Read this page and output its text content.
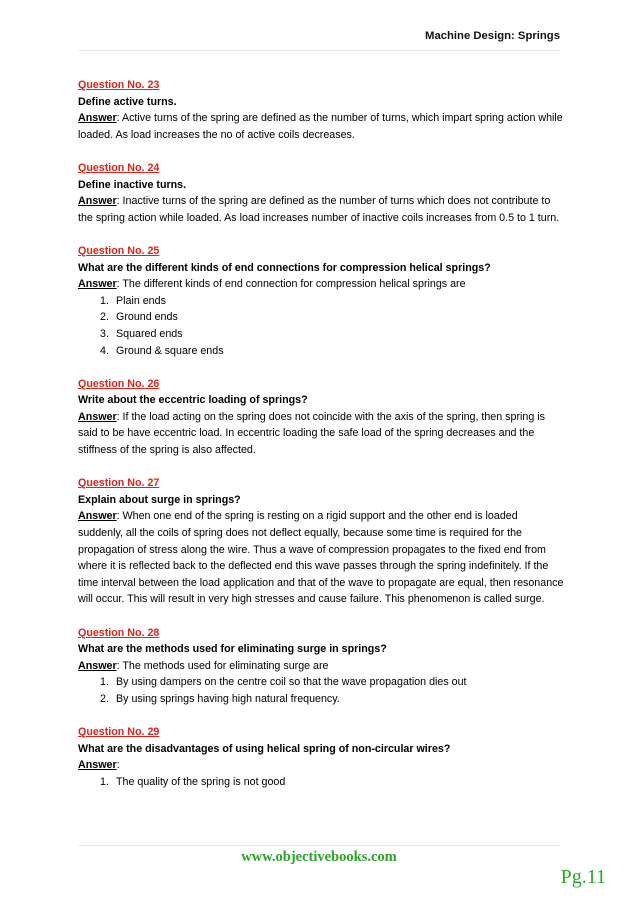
Machine Design: Springs
Question No. 23
Define active turns.
Answer: Active turns of the spring are defined as the number of turns, which impart spring action while loaded. As load increases the no of active coils decreases.
Question No. 24
Define inactive turns.
Answer: Inactive turns of the spring are defined as the number of turns which does not contribute to the spring action while loaded. As load increases number of inactive coils increases from 0.5 to 1 turn.
Question No. 25
What are the different kinds of end connections for compression helical springs?
Answer: The different kinds of end connection for compression helical springs are
1. Plain ends
2. Ground ends
3. Squared ends
4. Ground & square ends
Question No. 26
Write about the eccentric loading of springs?
Answer: If the load acting on the spring does not coincide with the axis of the spring, then spring is said to be have eccentric load. In eccentric loading the safe load of the spring decreases and the stiffness of the spring is also affected.
Question No. 27
Explain about surge in springs?
Answer: When one end of the spring is resting on a rigid support and the other end is loaded suddenly, all the coils of spring does not deflect equally, because some time is required for the propagation of stress along the wire. Thus a wave of compression propagates to the fixed end from where it is reflected back to the deflected end this wave passes through the spring indefinitely. If the time interval between the load application and that of the wave to propagate are equal, then resonance will occur. This will result in very high stresses and cause failure. This phenomenon is called surge.
Question No. 28
What are the methods used for eliminating surge in springs?
Answer: The methods used for eliminating surge are
1. By using dampers on the centre coil so that the wave propagation dies out
2. By using springs having high natural frequency.
Question No. 29
What are the disadvantages of using helical spring of non-circular wires?
Answer:
1. The quality of the spring is not good
www.objectivebooks.com
Pg.11
